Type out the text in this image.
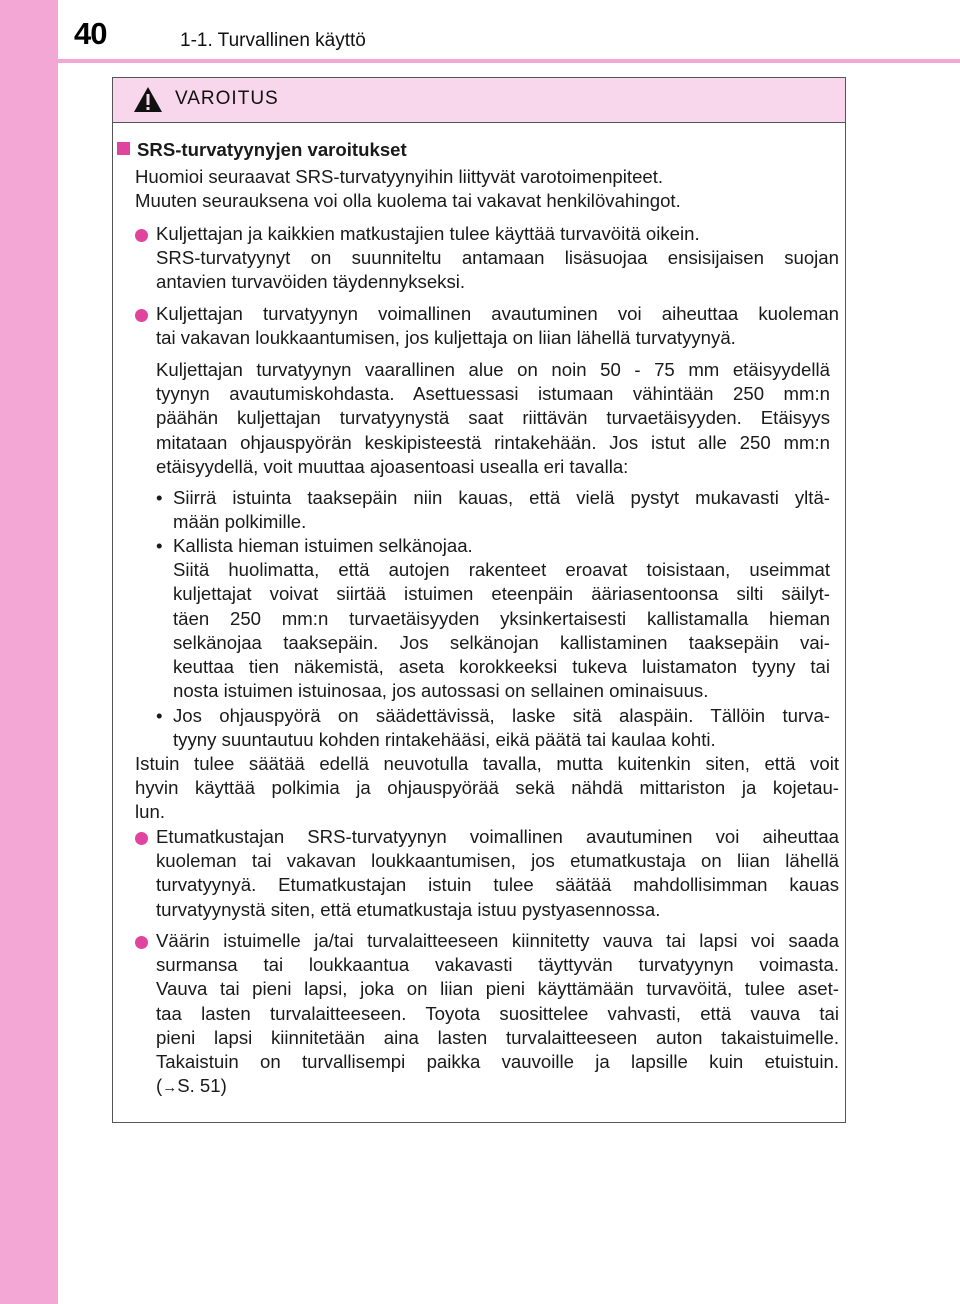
40	1-1. Turvallinen käyttö
VAROITUS
SRS-turvatyynyjen varoitukset
Huomioi seuraavat SRS-turvatyynyihin liittyvät varotoimenpiteet.
Muuten seurauksena voi olla kuolema tai vakavat henkilövahingot.
Kuljettajan ja kaikkien matkustajien tulee käyttää turvavöitä oikein.
SRS-turvatyynyt on suunniteltu antamaan lisäsuojaa ensisijaisen suojan
antavien turvavöiden täydennykseksi.
Kuljettajan turvatyynyn voimallinen avautuminen voi aiheuttaa kuoleman
tai vakavan loukkaantumisen, jos kuljettaja on liian lähellä turvatyynyä.
Kuljettajan turvatyynyn vaarallinen alue on noin 50 - 75 mm etäisyydellä
tyynyn avautumiskohdasta. Asettuessasi istumaan vähintään 250 mm:n
päähän kuljettajan turvatyynystä saat riittävän turvaetäisyyden. Etäisyys
mitataan ohjauspyörän keskipisteestä rintakehään. Jos istut alle 250 mm:n
etäisyydellä, voit muuttaa ajoasentoasi usealla eri tavalla:
• Siirrä istuinta taaksepäin niin kauas, että vielä pystyt mukavasti yltä-
mään polkimille.
• Kallista hieman istuimen selkänojaa.
Siitä huolimatta, että autojen rakenteet eroavat toisistaan, useimmat
kuljettajat voivat siirtää istuimen eteenpäin ääriasentoonsa silti säilyt-
täen 250 mm:n turvaetäisyyden yksinkertaisesti kallistamalla hieman
selkänojaa taaksepäin. Jos selkänojan kallistaminen taaksepäin vai-
keuttaa tien näkemistä, aseta korokkeeksi tukeva luistamaton tyyny tai
nosta istuimen istuinosaa, jos autossasi on sellainen ominaisuus.
• Jos ohjauspyörä on säädettävissä, laske sitä alaspäin. Tällöin turva-
tyyny suuntautuu kohden rintakehääsi, eikä päätä tai kaulaa kohti.
Istuin tulee säätää edellä neuvotulla tavalla, mutta kuitenkin siten, että voit
hyvin käyttää polkimia ja ohjauspyörää sekä nähdä mittariston ja kojetau-
lun.
Etumatkustajan SRS-turvatyynyn voimallinen avautuminen voi aiheuttaa
kuoleman tai vakavan loukkaantumisen, jos etumatkustaja on liian lähellä
turvatyynyä. Etumatkustajan istuin tulee säätää mahdollisimman kauas
turvatyynystä siten, että etumatkustaja istuu pystyasennossa.
Väärin istuimelle ja/tai turvalaitteeseen kiinnitetty vauva tai lapsi voi saada
surmansa tai loukkaantua vakavasti täyttyvän turvatyynyn voimasta.
Vauva tai pieni lapsi, joka on liian pieni käyttämään turvavöitä, tulee aset-
taa lasten turvalaitteeseen. Toyota suosittelee vahvasti, että vauva tai
pieni lapsi kiinnitetään aina lasten turvalaitteeseen auton takaistuimelle.
Takaistuin on turvallisempi paikka vauvoille ja lapsille kuin etuistuin.
(→S. 51)
